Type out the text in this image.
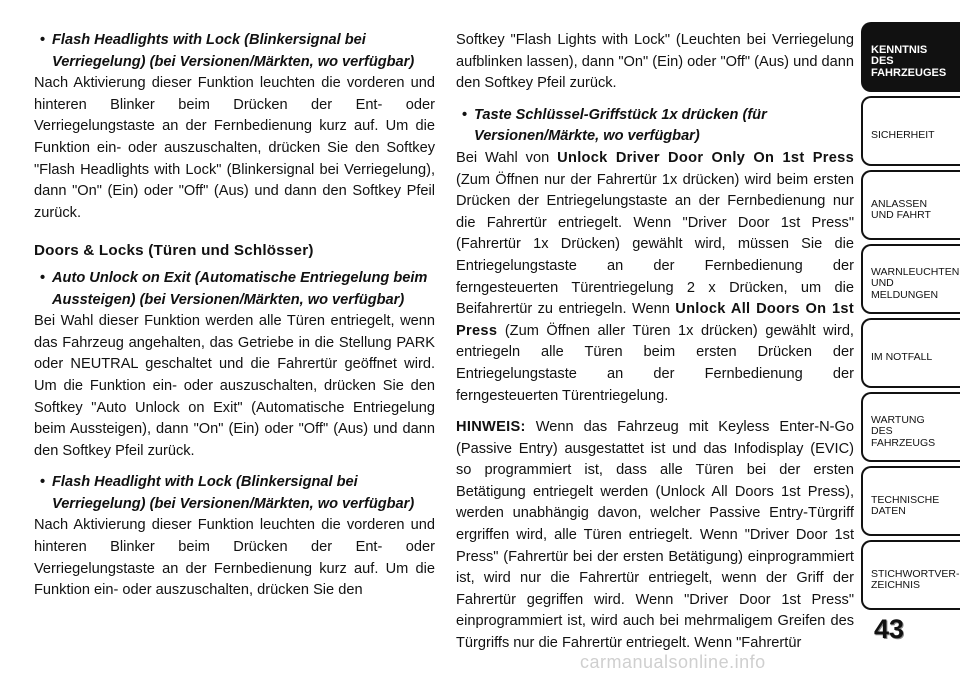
• Flash Headlights with Lock (Blinkersignal bei Verriegelung) (bei Versionen/Märkten, wo verfügbar)

Nach Aktivierung dieser Funktion leuchten die vorderen und hinteren Blinker beim Drücken der Ent- oder Verriegelungstaste an der Fernbedienung kurz auf. Um die Funktion ein- oder auszuschalten, drücken Sie den Softkey "Flash Headlights with Lock" (Blinkersignal bei Verriegelung), dann "On" (Ein) oder "Off" (Aus) und dann den Softkey Pfeil zurück.

Doors & Locks (Türen und Schlösser)

• Auto Unlock on Exit (Automatische Entriegelung beim Aussteigen) (bei Versionen/Märkten, wo verfügbar)

Bei Wahl dieser Funktion werden alle Türen entriegelt, wenn das Fahrzeug angehalten, das Getriebe in die Stellung PARK oder NEUTRAL geschaltet und die Fahrertür geöffnet wird. Um die Funktion ein- oder auszuschalten, drücken Sie den Softkey "Auto Unlock on Exit" (Automatische Entriegelung beim Aussteigen), dann "On" (Ein) oder "Off" (Aus) und dann den Softkey Pfeil zurück.

• Flash Headlight with Lock (Blinkersignal bei Verriegelung) (bei Versionen/Märkten, wo verfügbar)

Nach Aktivierung dieser Funktion leuchten die vorderen und hinteren Blinker beim Drücken der Ent- oder Verriegelungstaste an der Fernbedienung kurz auf. Um die Funktion ein- oder auszuschalten, drücken Sie den

Softkey "Flash Lights with Lock" (Leuchten bei Verriegelung aufblinken lassen), dann "On" (Ein) oder "Off" (Aus) und dann den Softkey Pfeil zurück.

• Taste Schlüssel-Griffstück 1x drücken (für Versionen/Märkte, wo verfügbar)

Bei Wahl von Unlock Driver Door Only On 1st Press (Zum Öffnen nur der Fahrertür 1x drücken) wird beim ersten Drücken der Entriegelungstaste an der Fernbedienung nur die Fahrertür entriegelt. Wenn "Driver Door 1st Press" (Fahrertür 1x Drücken) gewählt wird, müssen Sie die Entriegelungstaste an der Fernbedienung der ferngesteuerten Türentriegelung 2 x Drücken, um die Beifahrertür zu entriegeln. Wenn Unlock All Doors On 1st Press (Zum Öffnen aller Türen 1x drücken) gewählt wird, entriegeln alle Türen beim ersten Drücken der Entriegelungstaste an der Fernbedienung der ferngesteuerten Türentriegelung.

HINWEIS: Wenn das Fahrzeug mit Keyless Enter-N-Go (Passive Entry) ausgestattet ist und das Infodisplay (EVIC) so programmiert ist, dass alle Türen bei der ersten Betätigung entriegelt werden (Unlock All Doors 1st Press), werden unabhängig davon, welcher Passive Entry-Türgriff ergriffen wird, alle Türen entriegelt. Wenn "Driver Door 1st Press" (Fahrertür bei der ersten Betätigung) einprogrammiert ist, wird nur die Fahrertür entriegelt, wenn der Griff der Fahrertür gegriffen wird. Wenn "Driver Door 1st Press" einprogrammiert ist, wird auch bei mehrmaligem Greifen des Türgriffs nur die Fahrertür entriegelt. Wenn "Fahrertür

KENNTNIS
DES
FAHRZEUGES
SICHERHEIT
ANLASSEN
UND FAHRT
WARNLEUCHTEN
UND
MELDUNGEN
IM NOTFALL
WARTUNG
DES
FAHRZEUGS
TECHNISCHE
DATEN
STICHWORTVER-
ZEICHNIS
43
carmanualsonline.info
